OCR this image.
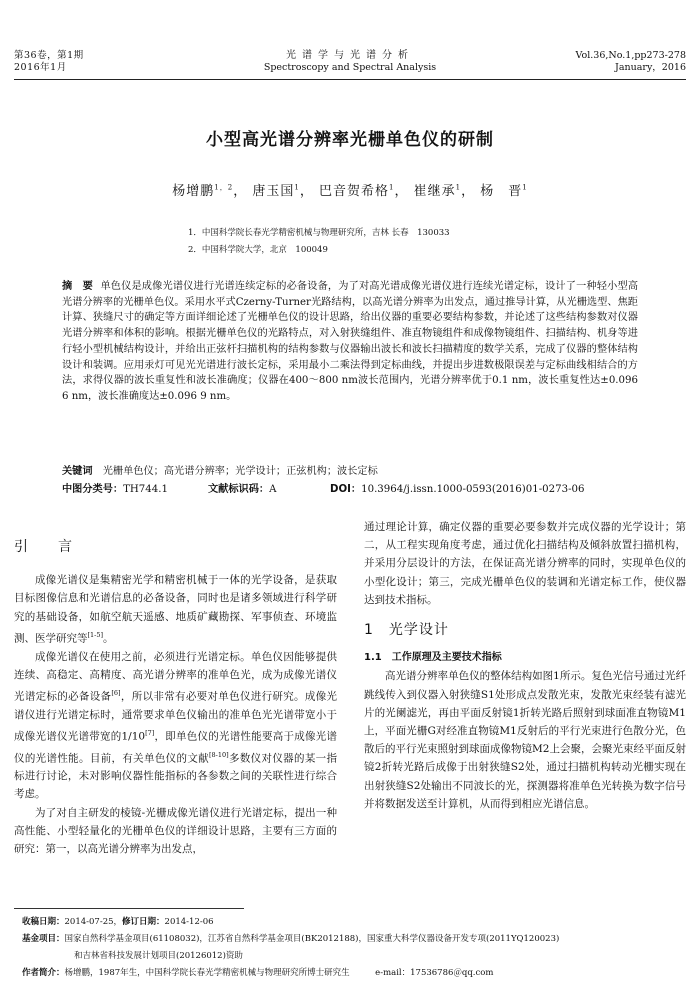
第36卷，第1期
2016年1月
光谱学与光谱分析
Spectroscopy and Spectral Analysis
Vol.36,No.1,pp273-278
January，2016
小型高光谱分辨率光栅单色仪的研制
杨增鹏$^{1,2}$， 唐玉国$^1$， 巴音贺希格$^1$， 崔继承$^1$， 杨　晋$^1$
1．中国科学院长春光学精密机械与物理研究所，吉林 长春　130033
2．中国科学院大学，北京　100049
摘　要 单色仪是成像光谱仪进行光谱连续定标的必备设备，为了对高光谱成像光谱仪进行连续光谱定标，设计了一种轻小型高光谱分辨率的光栅单色仪。采用水平式Czerny-Turner光路结构，以高光谱分辨率为出发点，通过推导计算，从光栅选型、焦距计算、狭缝尺寸的确定等方面详细论述了光栅单色仪的设计思路，给出仪器的重要必要结构参数，并论述了这些结构参数对仪器光谱分辨率和体积的影响。根据光栅单色仪的光路特点，对入射狭缝组件、准直物镜组件和成像物镜组件、扫描结构、机身等进行轻小型机械结构设计，并给出正弦杆扫描机构的结构参数与仪器输出波长和波长扫描精度的数学关系，完成了仪器的整体结构设计和装调。应用汞灯可见光光谱进行波长定标，采用最小二乘法得到定标曲线，并提出步进数极限误差与定标曲线相结合的方法，求得仪器的波长重复性和波长准确度；仪器在400～800 nm波长范围内，光谱分辨率优于0.1 nm，波长重复性达±0.096 6 nm，波长准确度达±0.096 9 nm。
关键词　 光栅单色仪；高光谱分辨率；光学设计；正弦机构；波长定标
中图分类号：TH744.1	文献标识码：A	DOI：10.3964/j.issn.1000-0593(2016)01-0273-06
引　言

成像光谱仪是集精密光学和精密机械于一体的光学设备，是获取目标图像信息和光谱信息的必备设备，同时也是诸多领域进行科学研究的基础设备，如航空航天遥感、地质矿藏勘探、军事侦查、环境监测、医学研究等[1-5]。

成像光谱仪在使用之前，必须进行光谱定标。单色仪因能够提供连续、高稳定、高精度、高光谱分辨率的准单色光，成为成像光谱仪光谱定标的必备设备[6]，所以非常有必要对单色仪进行研究。成像光谱仪进行光谱定标时，通常要求单色仪输出的准单色光光谱带宽小于成像光谱仪光谱带宽的1/10[7]，即单色仪的光谱性能要高于成像光谱仪的光谱性能。目前，有关单色仪的文献[8-10]多数仪对仪器的某一指标进行讨论，未对影响仪器性能指标的各参数之间的关联性进行综合考虑。

为了对自主研发的棱镜-光栅成像光谱仪进行光谱定标，提出一种高性能、小型轻量化的光栅单色仪的详细设计思路，主要有三方面的研究：第一，以高光谱分辨率为出发点，

通过理论计算，确定仪器的重要必要参数并完成仪器的光学设计；第二，从工程实现角度考虑，通过优化扫描结构及倾斜放置扫描机构，并采用分层设计的方法，在保证高光谱分辨率的同时，实现单色仪的小型化设计；第三，完成光栅单色仪的装调和光谱定标工作，使仪器达到技术指标。

1　光学设计
1.1　工作原理及主要技术指标

高光谱分辨率单色仪的整体结构如图1所示。复色光信号通过光纤跳线传入到仪器入射狭缝S1处形成点发散光束，发散光束经装有滤光片的光阑滤光，再由平面反射镜1折转光路后照射到球面准直物镜M1上，平面光栅G对经准直物镜M1反射后的平行光束进行色散分光，色散后的平行光束照射到球面成像物镜M2上会聚，会聚光束经平面反射镜2折转光路后成像于出射狭缝S2处，通过扫描机构转动光栅实现在出射狭缝S2处输出不同波长的光，探测器将准单色光转换为数字信号并将数据发送至计算机，从而得到相应光谱信息。

收稿日期：2014-07-25，修订日期：2014-12-06
基金项目：国家自然科学基金项目(61108032)，江苏省自然科学基金项目(BK2012188)，国家重大科学仪器设备开发专项(2011YQ120023)
和吉林省科技发展计划项目(20126012)资助
作者简介：杨增鹏，1987年生，中国科学院长春光学精密机械与物理研究所博士研究生　　　	e-mail：17536786＠qq.com
